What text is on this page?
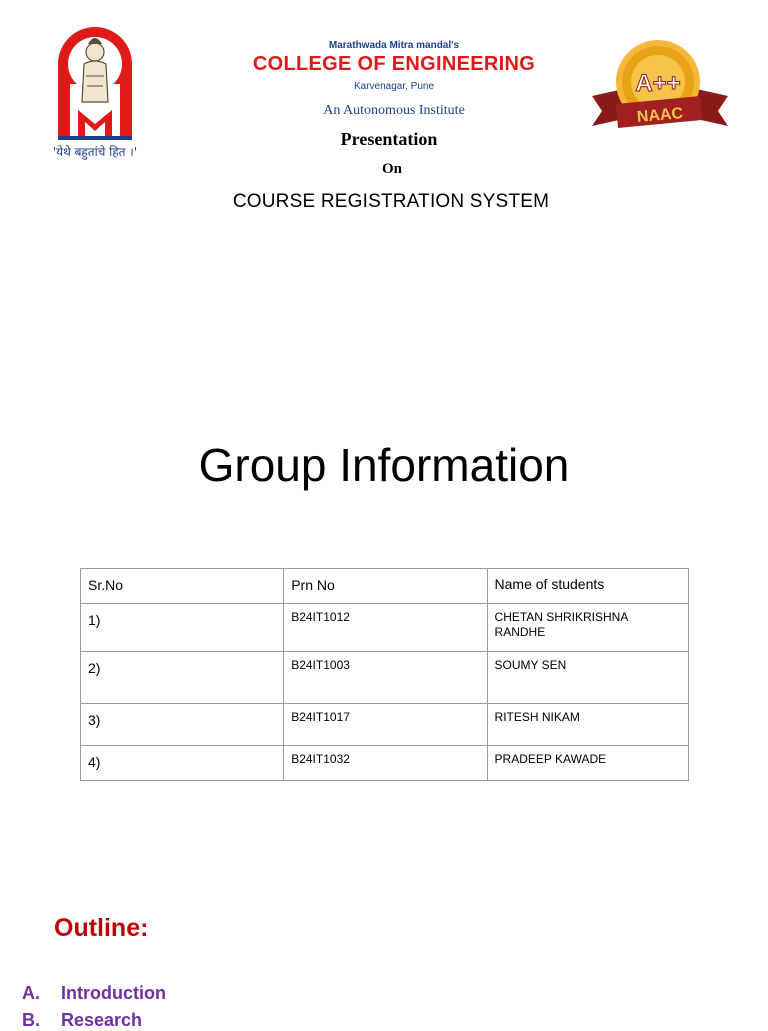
'येथे बहुतांचे हित ।'
Marathwada Mitra mandal's
COLLEGE OF ENGINEERING
Karvenagar, Pune
An Autonomous Institute
Presentation
On
COURSE REGISTRATION SYSTEM
A++
NAAC
Group Information
Sr.No	Prn No	Name of students
1)	B24IT1012	CHETAN SHRIKRISHNA RANDHE
2)	B24IT1003	SOUMY SEN
3)	B24IT1017	RITESH NIKAM
4)	B24IT1032	PRADEEP KAWADE
Outline:
A. Introduction
B. Research
